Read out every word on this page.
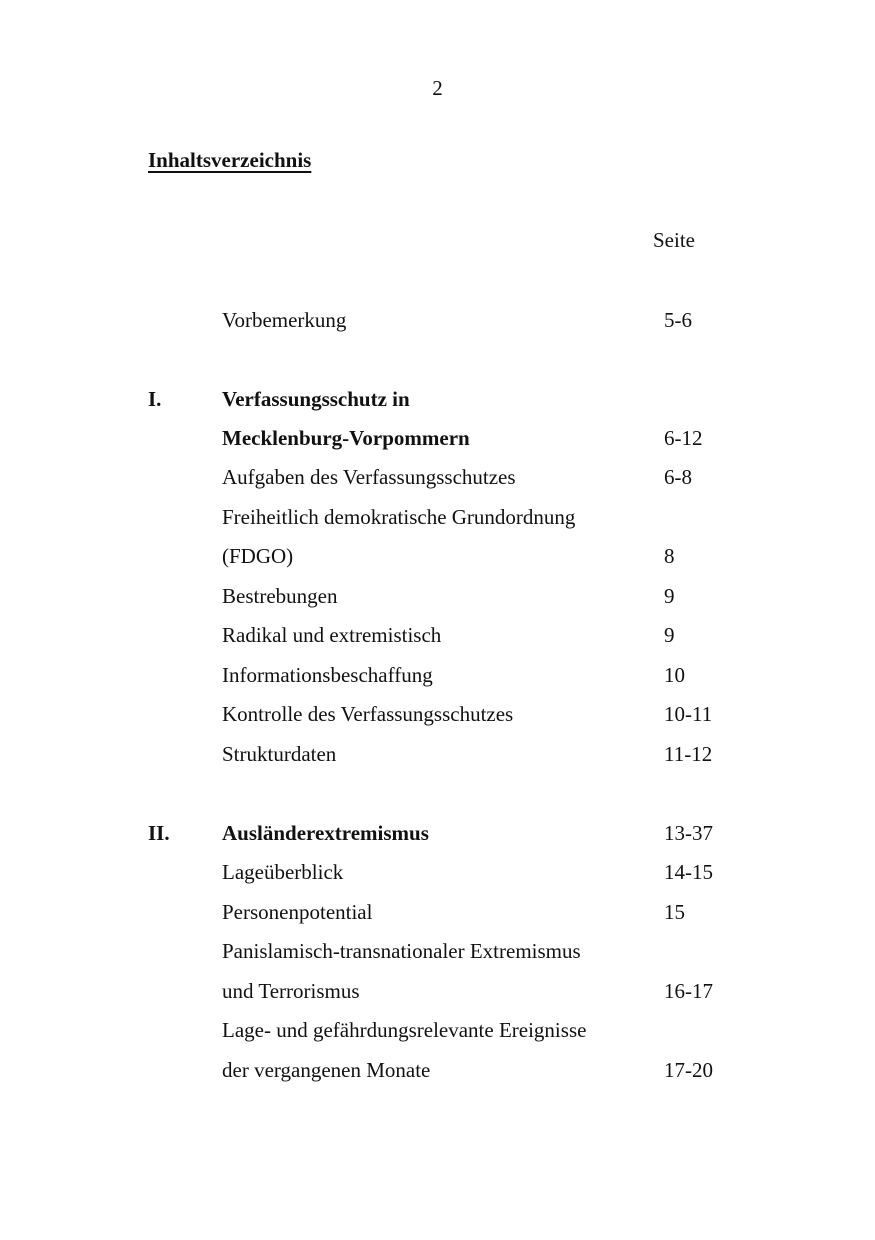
2
Inhaltsverzeichnis
Seite
Vorbemerkung	5-6
I.	Verfassungsschutz in
Mecklenburg-Vorpommern	6-12
Aufgaben des Verfassungsschutzes	6-8
Freiheitlich demokratische Grundordnung
(FDGO)	8
Bestrebungen	9
Radikal und extremistisch	9
Informationsbeschaffung	10
Kontrolle des Verfassungsschutzes	10-11
Strukturdaten	11-12
II. Ausländerextremismus	13-37
Lageüberblick	14-15
Personenpotential	15
Panislamisch-transnationaler Extremismus
und Terrorismus	16-17
Lage- und gefährdungsrelevante Ereignisse
der vergangenen Monate	17-20
